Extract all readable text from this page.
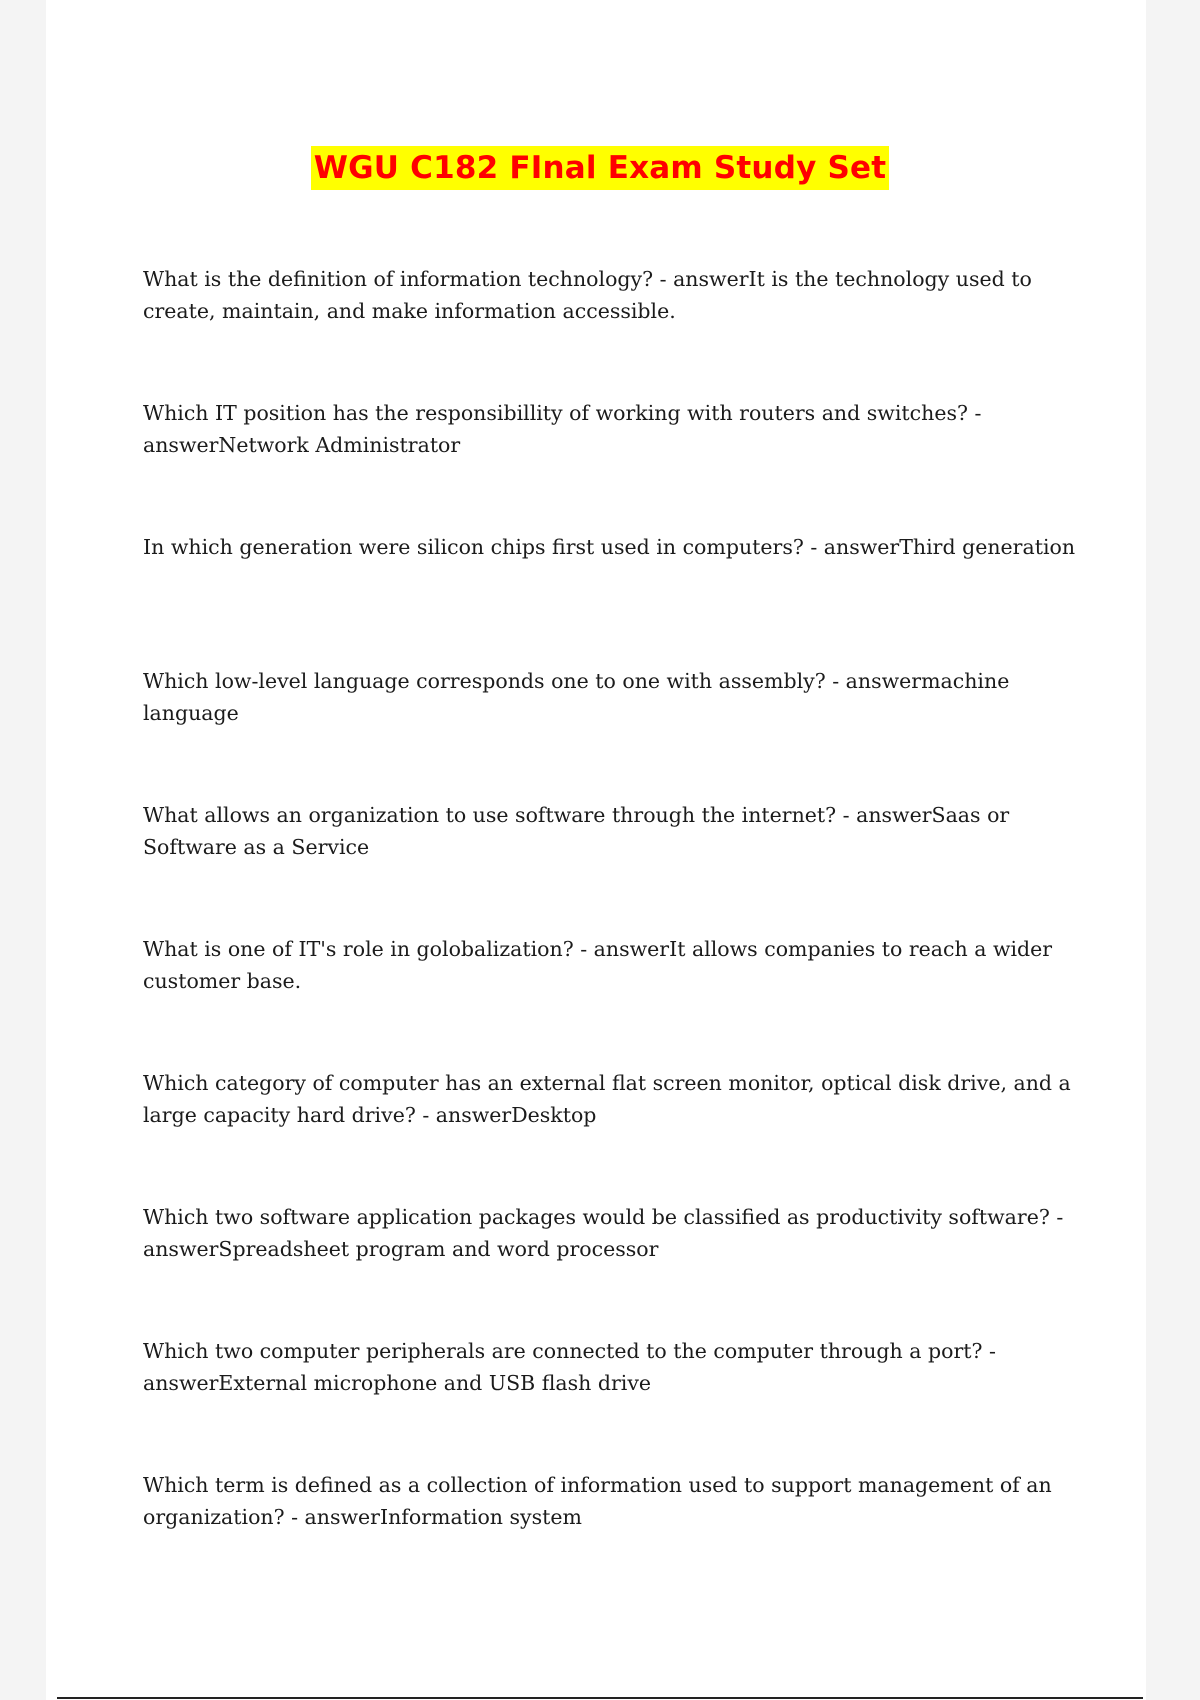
WGU C182 FInal Exam Study Set

What is the definition of information technology? - answerIt is the technology used to create, maintain, and make information accessible.

Which IT position has the responsibillity of working with routers and switches? - answerNetwork Administrator

In which generation were silicon chips first used in computers? - answerThird generation

Which low-level language corresponds one to one with assembly? - answermachine language

What allows an organization to use software through the internet? - answerSaas or Software as a Service

What is one of IT's role in golobalization? - answerIt allows companies to reach a wider customer base.

Which category of computer has an external flat screen monitor, optical disk drive, and a large capacity hard drive? - answerDesktop

Which two software application packages would be classified as productivity software? - answerSpreadsheet program and word processor

Which two computer peripherals are connected to the computer through a port? - answerExternal microphone and USB flash drive

Which term is defined as a collection of information used to support management of an organization? - answerInformation system
